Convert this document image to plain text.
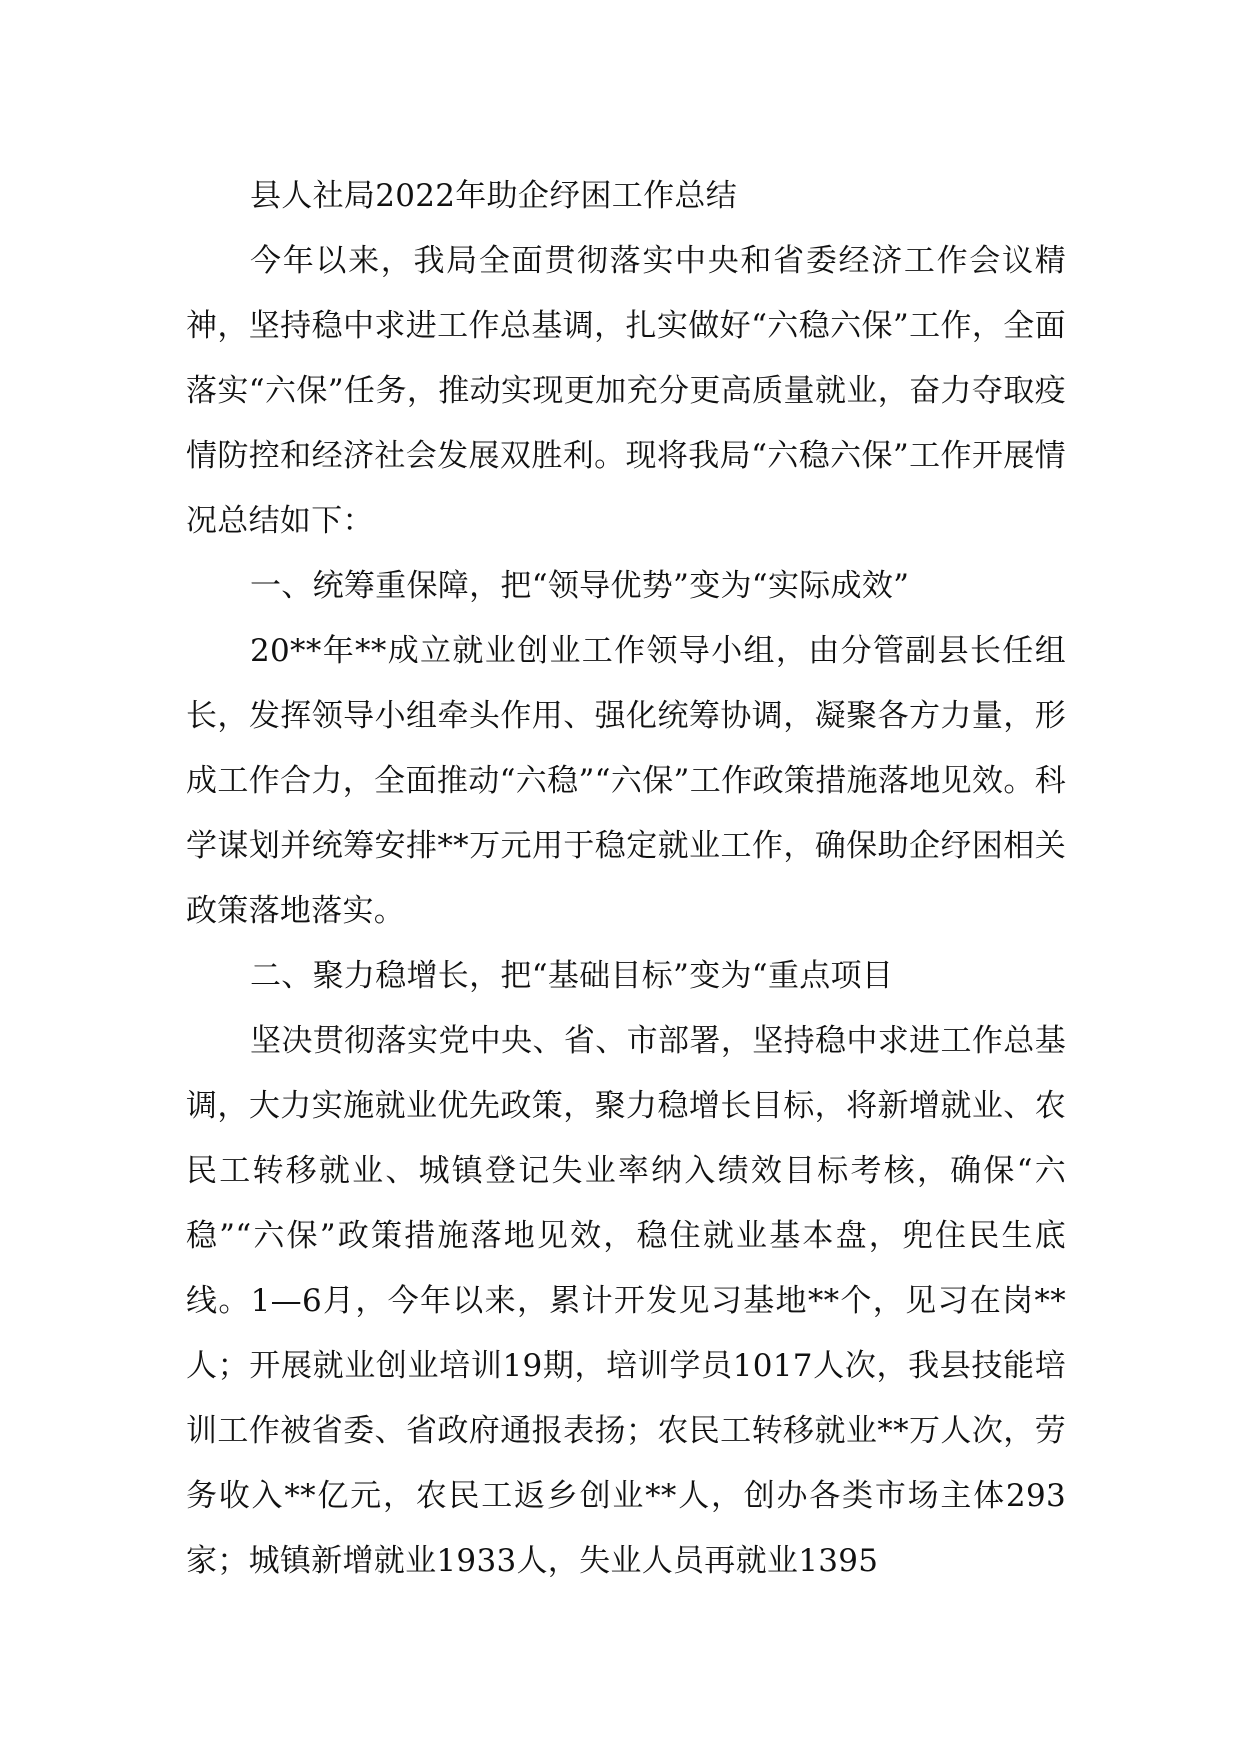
县人社局2022年助企纾困工作总结

今年以来，我局全面贯彻落实中央和省委经济工作会议精神，坚持稳中求进工作总基调，扎实做好“六稳六保”工作，全面落实“六保”任务，推动实现更加充分更高质量就业，奋力夺取疫情防控和经济社会发展双胜利。现将我局“六稳六保”工作开展情况总结如下：

一、统筹重保障，把“领导优势”变为“实际成效”

20**年**成立就业创业工作领导小组，由分管副县长任组长，发挥领导小组牵头作用、强化统筹协调，凝聚各方力量，形成工作合力，全面推动“六稳”“六保”工作政策措施落地见效。科学谋划并统筹安排**万元用于稳定就业工作，确保助企纾困相关政策落地落实。

二、聚力稳增长，把“基础目标”变为“重点项目

坚决贯彻落实党中央、省、市部署，坚持稳中求进工作总基调，大力实施就业优先政策，聚力稳增长目标，将新增就业、农民工转移就业、城镇登记失业率纳入绩效目标考核，确保“六稳”“六保”政策措施落地见效，稳住就业基本盘，兜住民生底线。1—6月，今年以来，累计开发见习基地**个，见习在岗**人；开展就业创业培训19期，培训学员1017人次，我县技能培训工作被省委、省政府通报表扬；农民工转移就业**万人次，劳务收入**亿元，农民工返乡创业**人，创办各类市场主体293家；城镇新增就业1933人，失业人员再就业1395
